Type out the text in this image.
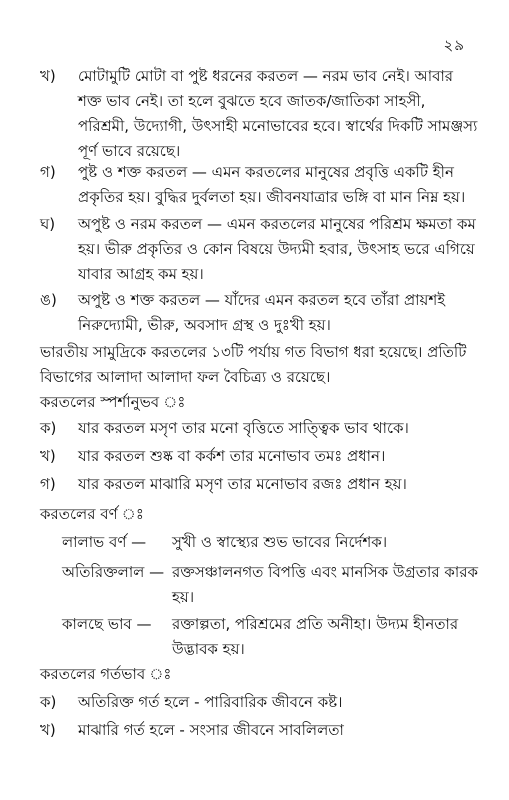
২৯
খ)	মোটামুটি মোটা বা পুষ্ট ধরনের করতল — নরম ভাব নেই। আবার শক্ত ভাব নেই। তা হলে বুঝতে হবে জাতক/জাতিকা সাহসী, পরিশ্রমী, উদ্যোগী, উৎসাহী মনোভাবের হবে। স্বার্থের দিকটি সামঞ্জস্য পূর্ণ ভাবে রয়েছে।
গ)	পুষ্ট ও শক্ত করতল — এমন করতলের মানুষের প্রবৃত্তি একটি হীন প্রকৃতির হয়। বুদ্ধির দুর্বলতা হয়। জীবনযাত্রার ভঙ্গি বা মান নিম্ন হয়।
ঘ)	অপুষ্ট ও নরম করতল — এমন করতলের মানুষের পরিশ্রম ক্ষমতা কম হয়। ভীরু প্রকৃতির ও কোন বিষয়ে উদ্যমী হবার, উৎসাহ ভরে এগিয়ে যাবার আগ্রহ কম হয়।
ঙ)	অপুষ্ট ও শক্ত করতল — যাঁদের এমন করতল হবে তাঁরা প্রায়শই নিরুদ্যোমী, ভীরু, অবসাদ গ্রস্থ ও দুঃখী হয়।
ভারতীয় সামুদ্রিকে করতলের ১৩টি পর্যায় গত বিভাগ ধরা হয়েছে। প্রতিটি বিভাগের আলাদা আলাদা ফল বৈচিত্র্য ও রয়েছে।
করতলের স্পর্শানুভব ঃ
ক)	যার করতল মসৃণ তার মনো বৃত্তিতে সাত্ত্বিক ভাব থাকে।
খ)	যার করতল শুষ্ক বা কর্কশ তার মনোভাব তমঃ প্রধান।
গ)	যার করতল মাঝারি মসৃণ তার মনোভাব রজঃ প্রধান হয়।
করতলের বর্ণ ঃ
লালাভ বর্ণ — সুখী ও স্বাস্থ্যের শুভ ভাবের নির্দেশক।
অতিরিক্তলাল — রক্তসঞ্চালনগত বিপত্তি এবং মানসিক উগ্রতার কারক হয়।
কালছে ভাব — রক্তাল্পতা, পরিশ্রমের প্রতি অনীহা। উদ্যম হীনতার উদ্ভাবক হয়।
করতলের গর্তভাব ঃ
ক)	অতিরিক্ত গর্ত হলে - পারিবারিক জীবনে কষ্ট।
খ)	মাঝারি গর্ত হলে - সংসার জীবনে সাবলিলতা
